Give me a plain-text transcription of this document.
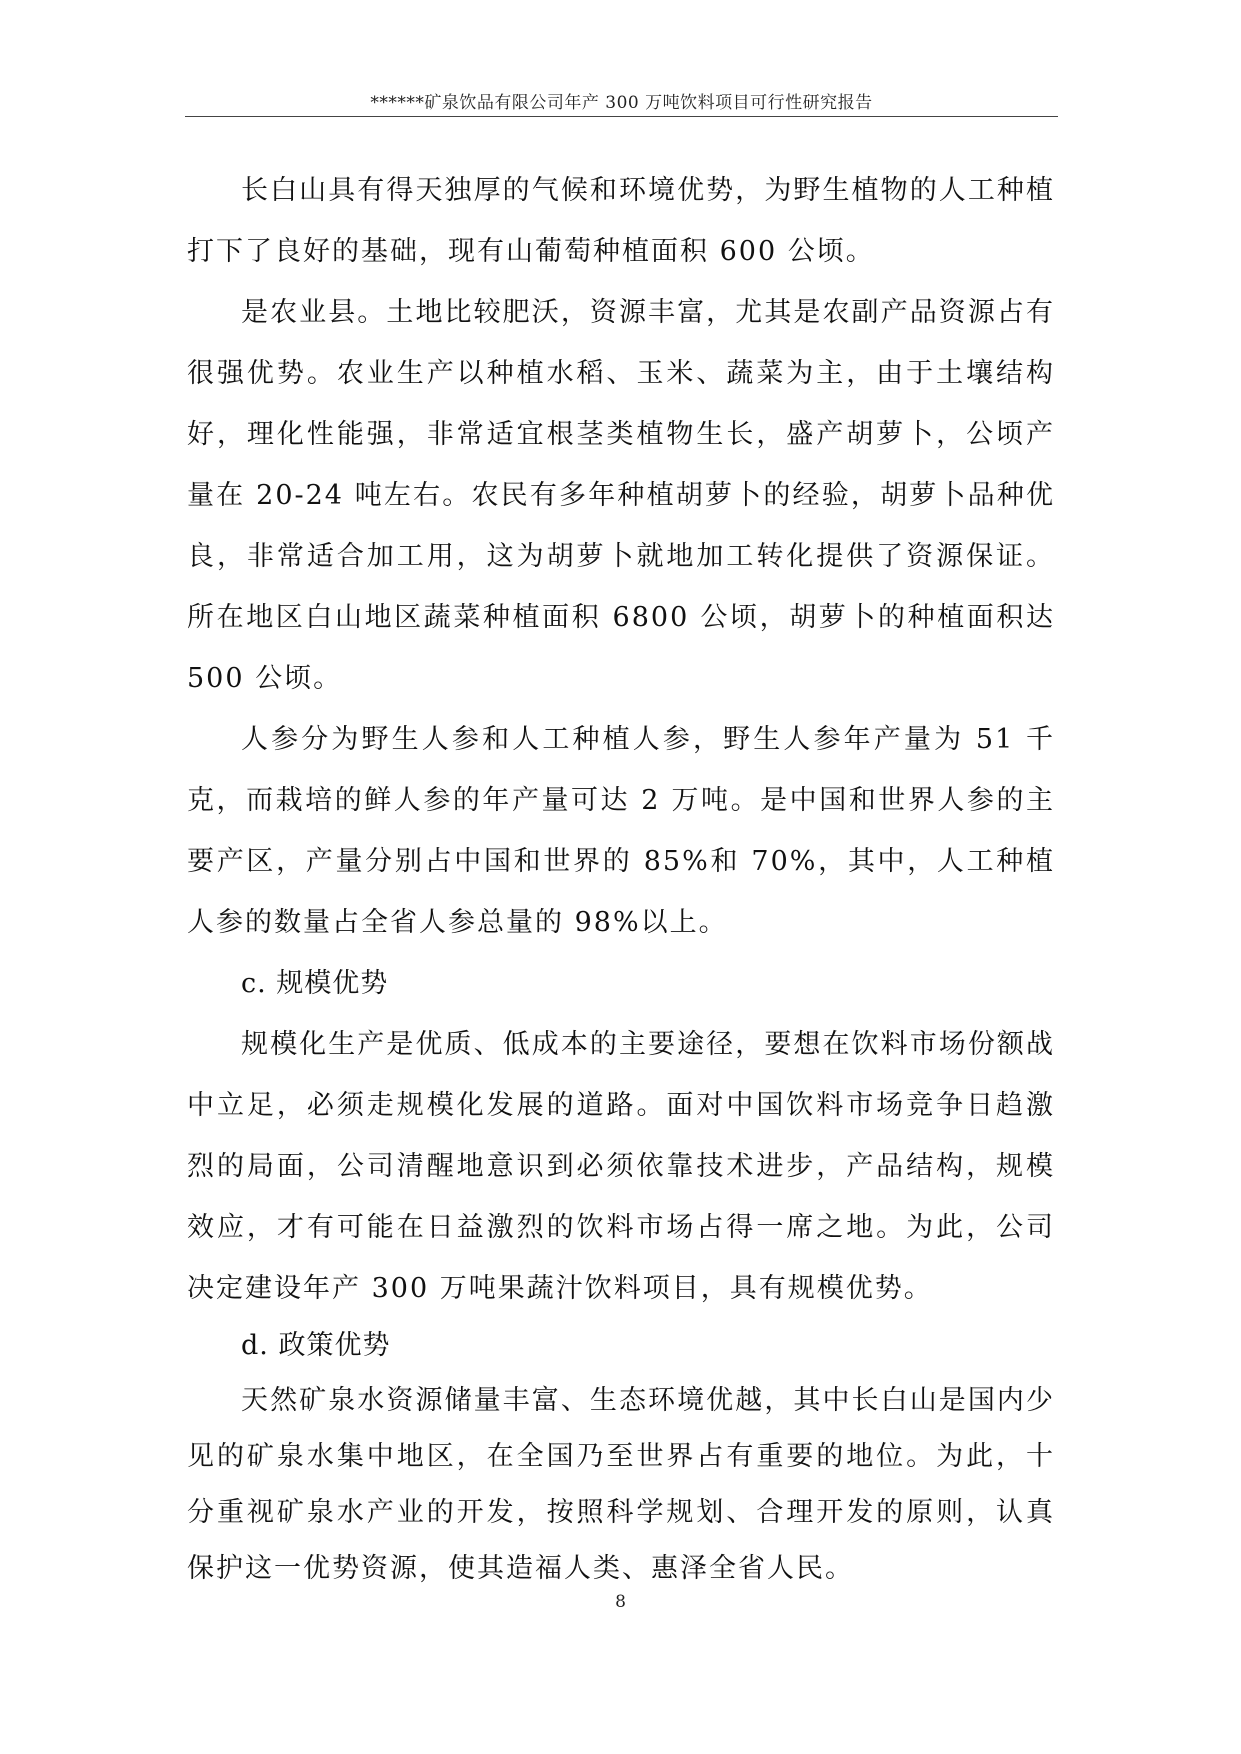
******矿泉饮品有限公司年产 300 万吨饮料项目可行性研究报告

长白山具有得天独厚的气候和环境优势，为野生植物的人工种植打下了良好的基础，现有山葡萄种植面积 600 公顷。

是农业县。土地比较肥沃，资源丰富，尤其是农副产品资源占有很强优势。农业生产以种植水稻、玉米、蔬菜为主，由于土壤结构好，理化性能强，非常适宜根茎类植物生长，盛产胡萝卜，公顷产量在 20-24 吨左右。农民有多年种植胡萝卜的经验，胡萝卜品种优良，非常适合加工用，这为胡萝卜就地加工转化提供了资源保证。所在地区白山地区蔬菜种植面积 6800 公顷，胡萝卜的种植面积达 500 公顷。

人参分为野生人参和人工种植人参，野生人参年产量为 51 千克，而栽培的鲜人参的年产量可达 2 万吨。是中国和世界人参的主要产区，产量分别占中国和世界的 85%和 70%，其中，人工种植人参的数量占全省人参总量的 98%以上。

c. 规模优势

规模化生产是优质、低成本的主要途径，要想在饮料市场份额战中立足，必须走规模化发展的道路。面对中国饮料市场竞争日趋激烈的局面，公司清醒地意识到必须依靠技术进步，产品结构，规模效应，才有可能在日益激烈的饮料市场占得一席之地。为此，公司决定建设年产 300 万吨果蔬汁饮料项目，具有规模优势。

d. 政策优势

天然矿泉水资源储量丰富、生态环境优越，其中长白山是国内少见的矿泉水集中地区，在全国乃至世界占有重要的地位。为此，十分重视矿泉水产业的开发，按照科学规划、合理开发的原则，认真保护这一优势资源，使其造福人类、惠泽全省人民。

8
